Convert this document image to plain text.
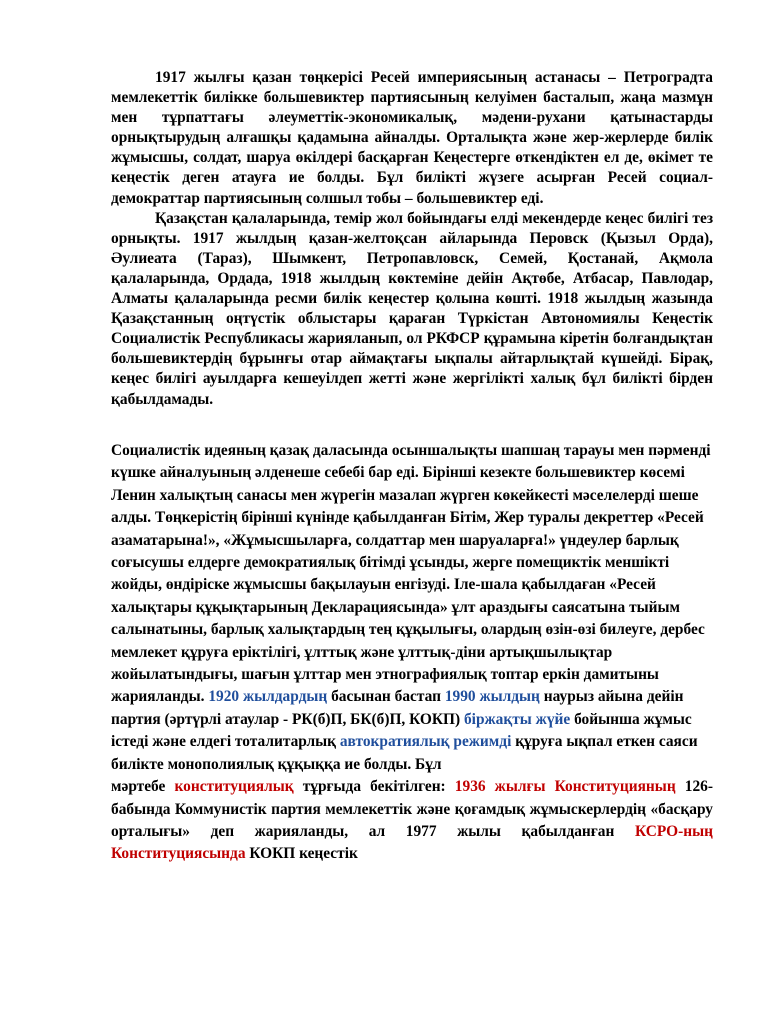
1917 жылғы қазан төңкерісі Ресей империясының астанасы – Петроградта мемлекеттік билікке большевиктер партиясының келуімен басталып, жаңа мазмұн мен тұрпаттағы әлеуметтік-экономикалық, мәдени-рухани қатынастарды орнықтырудың алғашқы қадамына айналды. Орталықта және жер-жерлерде билік жұмысшы, солдат, шаруа өкілдері басқарған Кеңестерге өткендіктен ел де, өкімет те кеңестік деген атауға ие болды. Бұл билікті жүзеге асырған Ресей социал-демократтар партиясының солшыл тобы – большевиктер еді.

Қазақстан қалаларында, темір жол бойындағы елді мекендерде кеңес билігі тез орнықты. 1917 жылдың қазан-желтоқсан айларында Перовск (Қызыл Орда), Әулиеата (Тараз), Шымкент, Петропавловск, Семей, Қостанай, Ақмола қалаларында, Ордада, 1918 жылдың көктеміне дейін Ақтөбе, Атбасар, Павлодар, Алматы қалаларында ресми билік кеңестер қолына көшті. 1918 жылдың жазында Қазақстанның оңтүстік облыстары қараған Түркістан Автономиялы Кеңестік Социалистік Республикасы жарияланып, ол РКФСР құрамына кіретін болғандықтан большевиктердің бұрынғы отар аймақтағы ықпалы айтарлықтай күшейді. Бірақ, кеңес билігі ауылдарға кешеуілдеп жетті және жергілікті халық бұл билікті бірден қабылдамады.

Социалистік идеяның қазақ даласында осыншалықты шапшаң тарауы мен пәрменді күшке айналуының әлденеше себебі бар еді. Бірінші кезекте большевиктер көсемі Ленин халықтың санасы мен жүрегін мазалап жүрген көкейкесті мәселелерді шеше алды. Төңкерістің бірінші күнінде қабылданған Бітім, Жер туралы декреттер «Ресей азаматарына!», «Жұмысшыларға, солдаттар мен шаруаларға!» үндеулер барлық соғысушы елдерге демократиялық бітімді ұсынды, жерге помещиктік меншікті жойды, өндіріске жұмысшы бақылауын енгізуді. Іле-шала қабылдаған «Ресей халықтары құқықтарының Декларациясында» ұлт араздығы саясатына тыйым салынатыны, барлық халықтардың тең құқылығы, олардың өзін-өзі билеуге, дербес мемлекет құруға еріктілігі, ұлттық және ұлттық-діни артықшылықтар жойылатындығы, шағын ұлттар мен этнографиялық топтар еркін дамитыны жарияланды. 1920 жылдардың басынан бастап 1990 жылдың наурыз айына дейін партия (әртүрлі атаулар - РК(б)П, БК(б)П, КОКП) біржақты жүйе бойынша жұмыс істеді және елдегі тоталитарлық автократиялық режимді құруға ықпал еткен саяси билікте монополиялық құқыққа ие болды. Бұл

мәртебе конституциялық тұрғыда бекітілген: 1936 жылғы Конституцияның 126-бабында Коммунистік партия мемлекеттік және қоғамдық жұмыскерлердің «басқару орталығы» деп жарияланды, ал 1977 жылы қабылданған КСРО-ның Конституциясында КОКП кеңестік
